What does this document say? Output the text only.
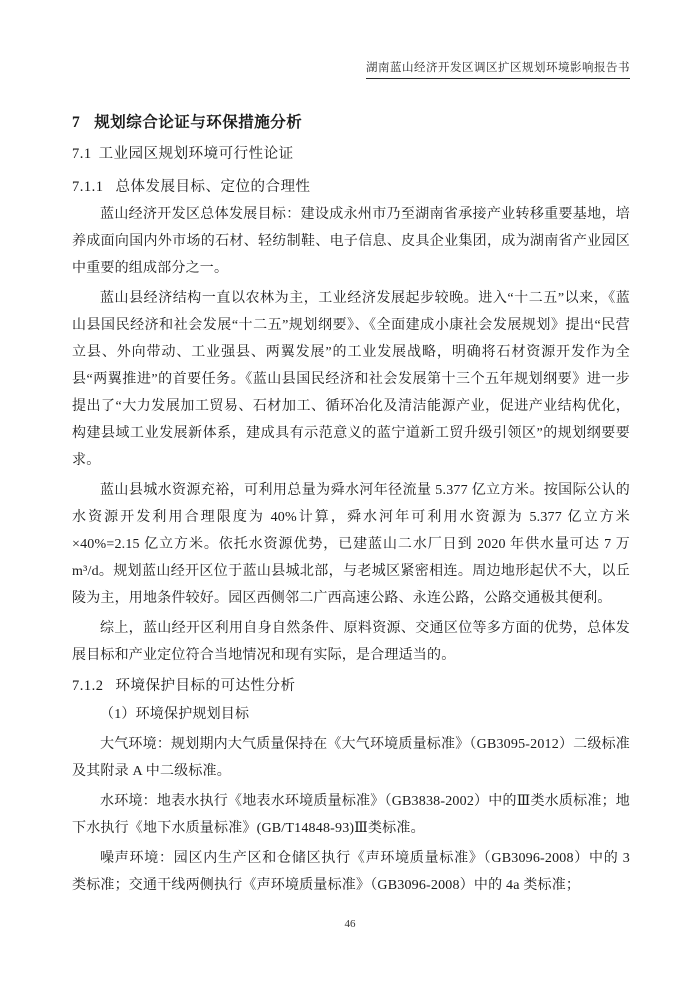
湖南蓝山经济开发区调区扩区规划环境影响报告书
7 规划综合论证与环保措施分析
7.1 工业园区规划环境可行性论证
7.1.1 总体发展目标、定位的合理性

蓝山经济开发区总体发展目标：建设成永州市乃至湖南省承接产业转移重要基地，培养成面向国内外市场的石材、轻纺制鞋、电子信息、皮具企业集团，成为湖南省产业园区中重要的组成部分之一。

蓝山县经济结构一直以农林为主，工业经济发展起步较晚。进入“十二五”以来，《蓝山县国民经济和社会发展“十二五”规划纲要》、《全面建成小康社会发展规划》提出“民营立县、外向带动、工业强县、两翼发展”的工业发展战略，明确将石材资源开发作为全县“两翼推进”的首要任务。《蓝山县国民经济和社会发展第十三个五年规划纲要》进一步提出了“大力发展加工贸易、石材加工、循环冶化及清洁能源产业，促进产业结构优化，构建县域工业发展新体系，建成具有示范意义的蓝宁道新工贸升级引领区”的规划纲要要求。

蓝山县城水资源充裕，可利用总量为舜水河年径流量 5.377 亿立方米。按国际公认的水资源开发利用合理限度为 40%计算，舜水河年可利用水资源为 5.377 亿立方米×40%=2.15 亿立方米。依托水资源优势，已建蓝山二水厂日到 2020 年供水量可达 7 万m³/d。规划蓝山经开区位于蓝山县城北部，与老城区紧密相连。周边地形起伏不大，以丘陵为主，用地条件较好。园区西侧邻二广西高速公路、永连公路，公路交通极其便利。

综上，蓝山经开区利用自身自然条件、原料资源、交通区位等多方面的优势，总体发展目标和产业定位符合当地情况和现有实际，是合理适当的。

7.1.2 环境保护目标的可达性分析

（1）环境保护规划目标

大气环境：规划期内大气质量保持在《大气环境质量标准》（GB3095-2012）二级标准及其附录 A 中二级标准。

水环境：地表水执行《地表水环境质量标准》（GB3838-2002）中的Ⅲ类水质标准；地下水执行《地下水质量标准》(GB/T14848-93)Ⅲ类标准。

噪声环境：园区内生产区和仓储区执行《声环境质量标准》（GB3096-2008）中的 3 类标准；交通干线两侧执行《声环境质量标准》（GB3096-2008）中的 4a 类标准；

46
